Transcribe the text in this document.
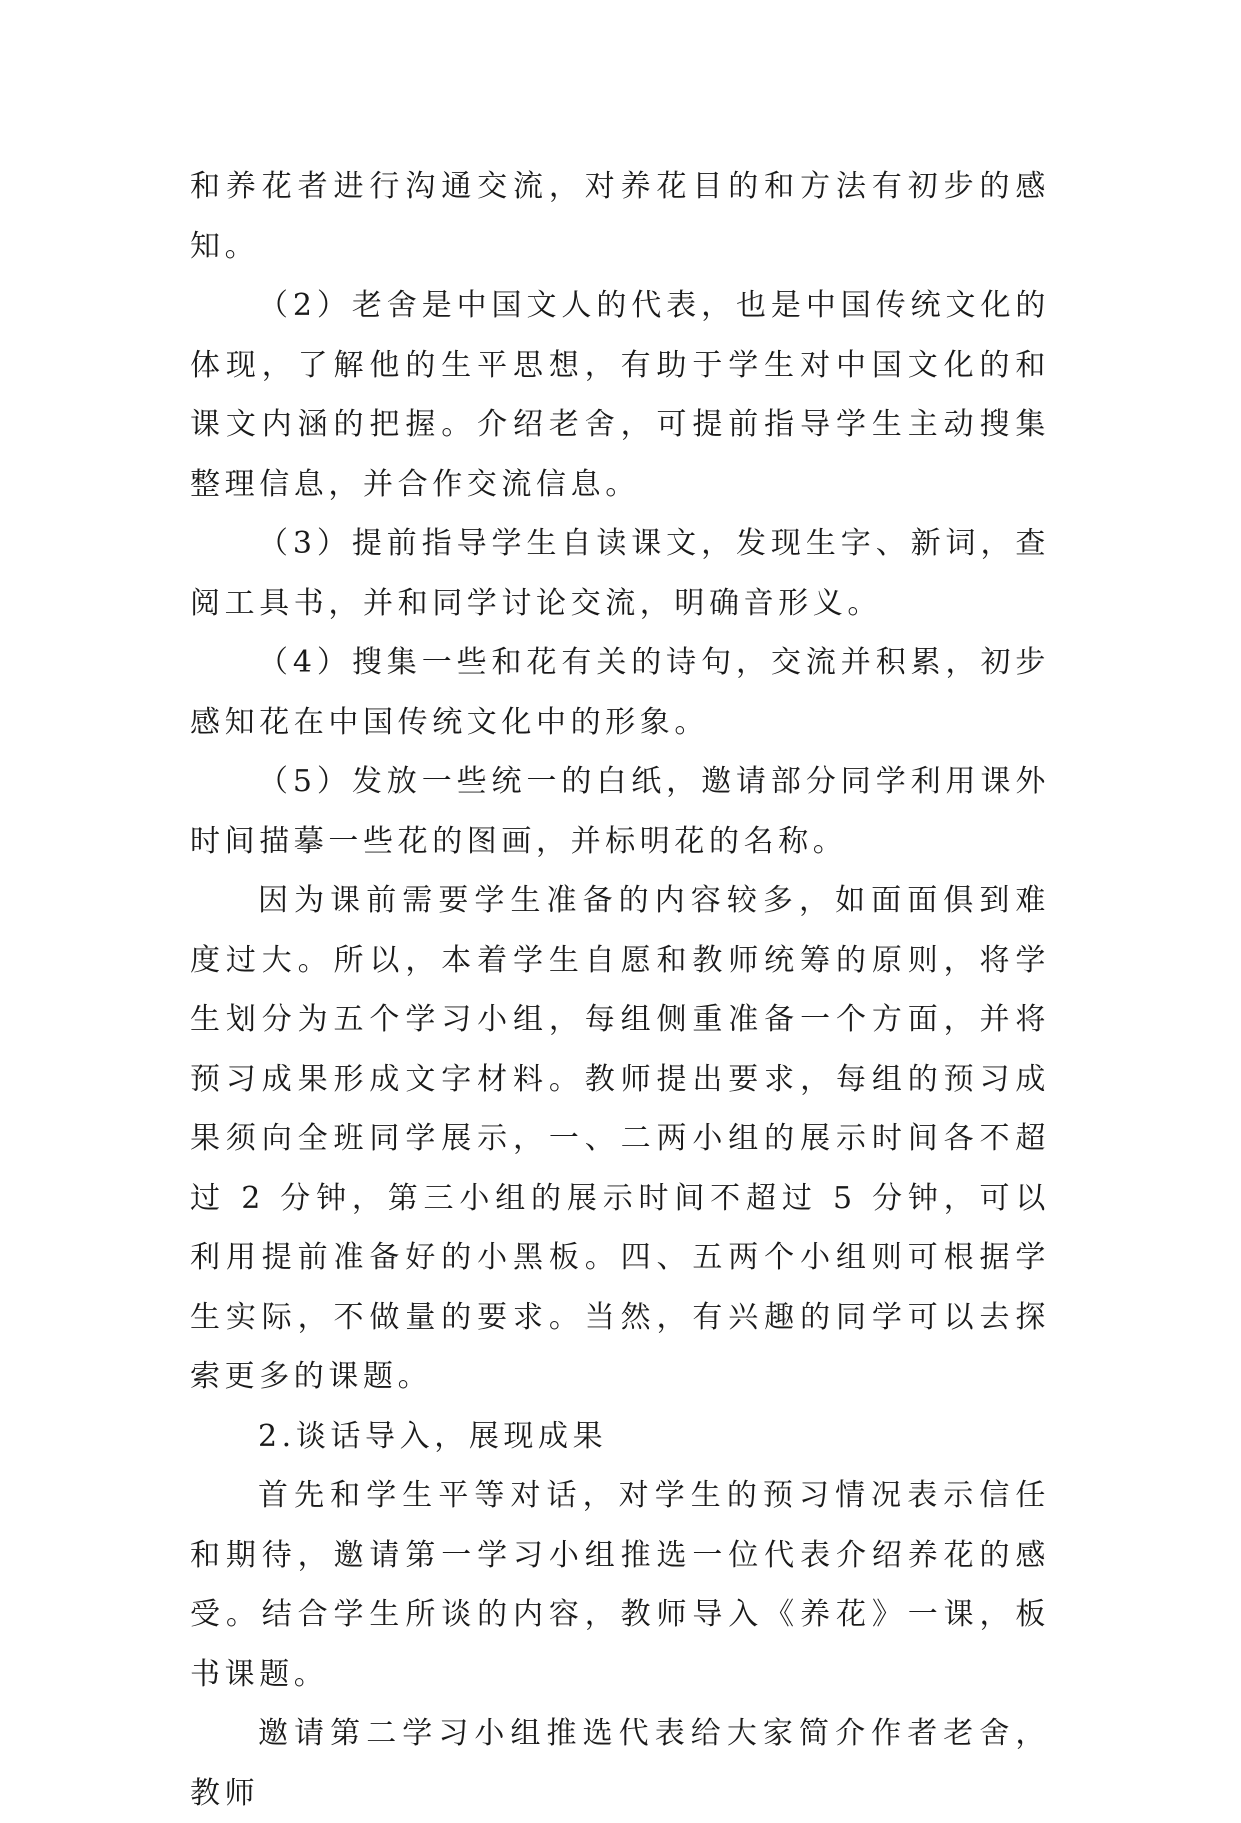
和养花者进行沟通交流，对养花目的和方法有初步的感知。

（2）老舍是中国文人的代表，也是中国传统文化的体现，了解他的生平思想，有助于学生对中国文化的和课文内涵的把握。介绍老舍，可提前指导学生主动搜集整理信息，并合作交流信息。

（3）提前指导学生自读课文，发现生字、新词，查阅工具书，并和同学讨论交流，明确音形义。

（4）搜集一些和花有关的诗句，交流并积累，初步感知花在中国传统文化中的形象。

（5）发放一些统一的白纸，邀请部分同学利用课外时间描摹一些花的图画，并标明花的名称。

因为课前需要学生准备的内容较多，如面面俱到难度过大。所以，本着学生自愿和教师统筹的原则，将学生划分为五个学习小组，每组侧重准备一个方面，并将预习成果形成文字材料。教师提出要求，每组的预习成果须向全班同学展示，一、二两小组的展示时间各不超过 2 分钟，第三小组的展示时间不超过 5 分钟，可以利用提前准备好的小黑板。四、五两个小组则可根据学生实际，不做量的要求。当然，有兴趣的同学可以去探索更多的课题。

2.谈话导入，展现成果

首先和学生平等对话，对学生的预习情况表示信任和期待，邀请第一学习小组推选一位代表介绍养花的感受。结合学生所谈的内容，教师导入《养花》一课，板书课题。

邀请第二学习小组推选代表给大家简介作者老舍，教师
